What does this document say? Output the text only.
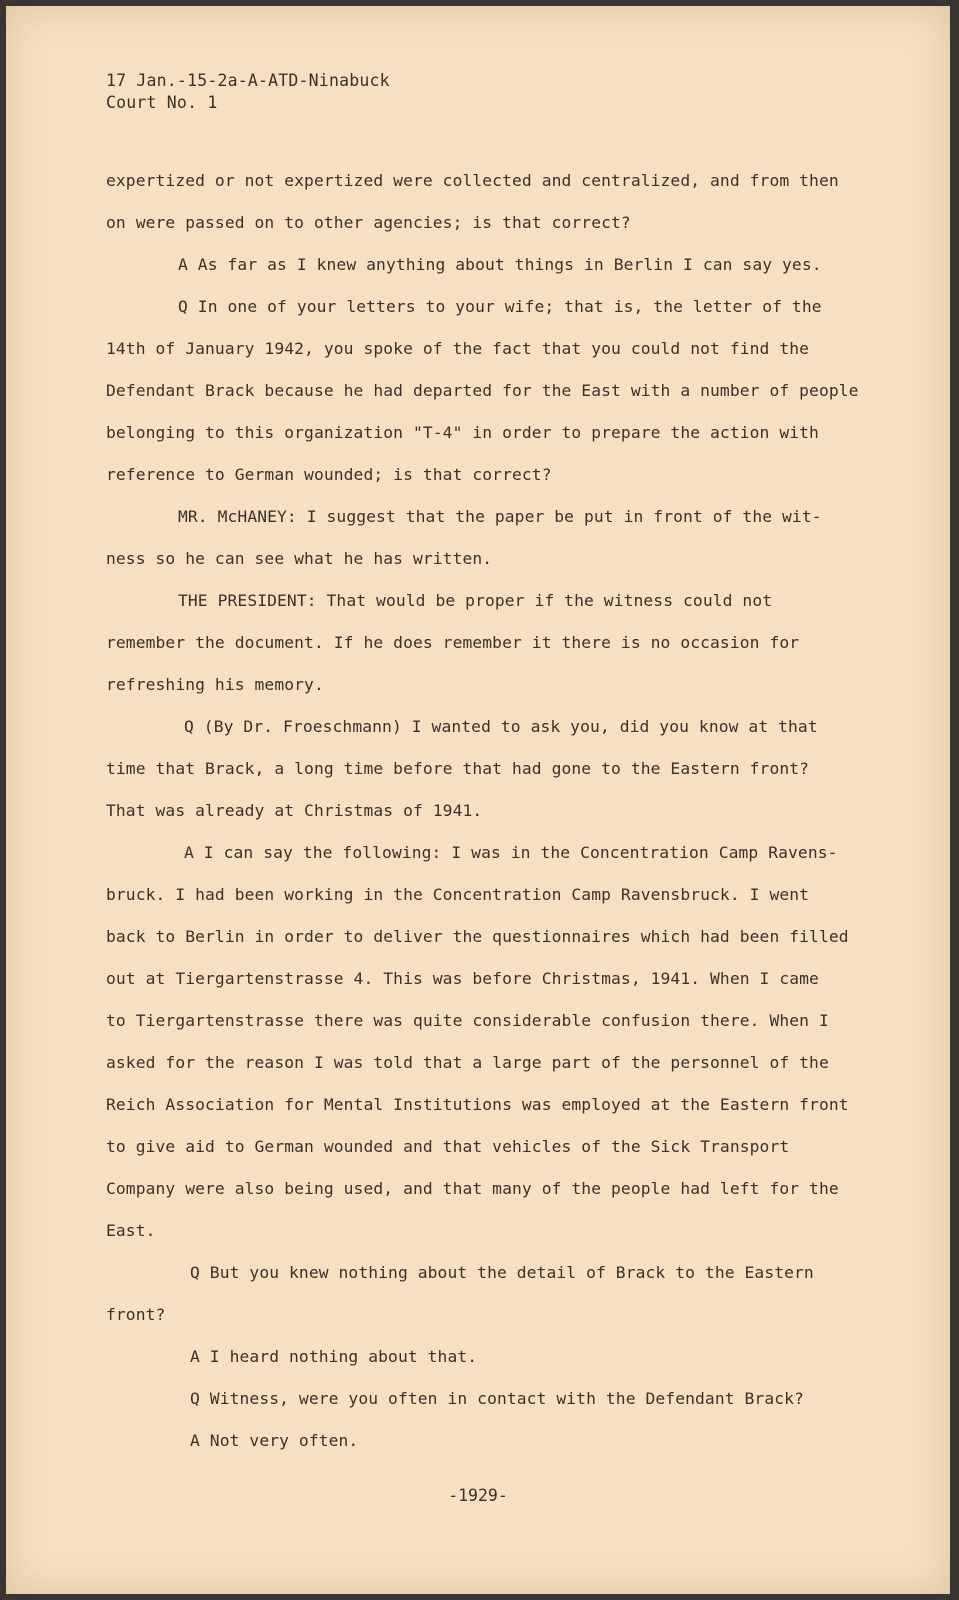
17 Jan.-15-2a-A-ATD-Ninabuck
Court No. 1
expertized or not expertized were collected and centralized, and from then
on were passed on to other agencies; is that correct?
A As far as I knew anything about things in Berlin I can say yes.
Q In one of your letters to your wife; that is, the letter of the
14th of January 1942, you spoke of the fact that you could not find the
Defendant Brack because he had departed for the East with a number of people
belonging to this organization "T-4" in order to prepare the action with
reference to German wounded; is that correct?
MR. McHANEY: I suggest that the paper be put in front of the wit-
ness so he can see what he has written.
THE PRESIDENT: That would be proper if the witness could not
remember the document. If he does remember it there is no occasion for
refreshing his memory.
Q (By Dr. Froeschmann) I wanted to ask you, did you know at that
time that Brack, a long time before that had gone to the Eastern front?
That was already at Christmas of 1941.
A I can say the following: I was in the Concentration Camp Ravens-
bruck. I had been working in the Concentration Camp Ravensbruck. I went
back to Berlin in order to deliver the questionnaires which had been filled
out at Tiergartenstrasse 4. This was before Christmas, 1941. When I came
to Tiergartenstrasse there was quite considerable confusion there. When I
asked for the reason I was told that a large part of the personnel of the
Reich Association for Mental Institutions was employed at the Eastern front
to give aid to German wounded and that vehicles of the Sick Transport
Company were also being used, and that many of the people had left for the
East.
Q But you knew nothing about the detail of Brack to the Eastern
front?
A I heard nothing about that.
Q Witness, were you often in contact with the Defendant Brack?
A Not very often.
-1929-
